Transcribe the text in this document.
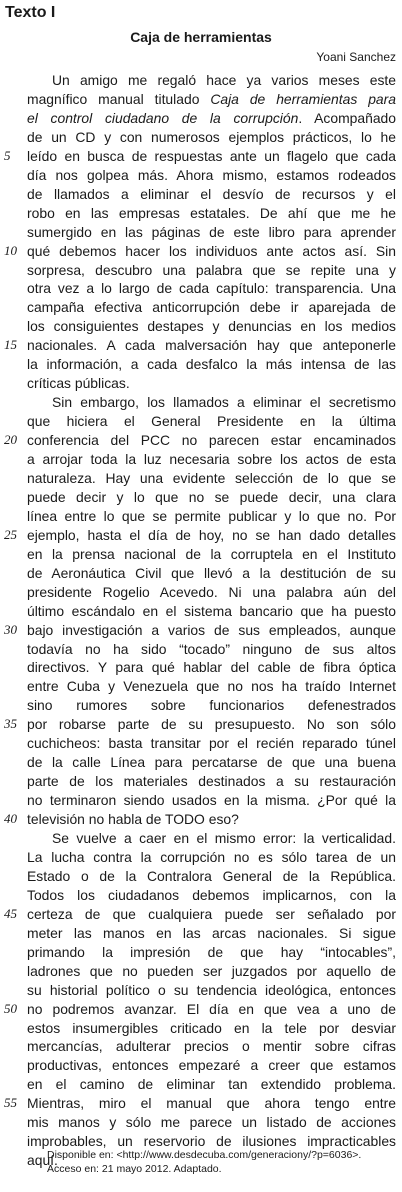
Texto I
Caja de herramientas
Yoani Sanchez
Un amigo me regaló hace ya varios meses este
magnífico manual titulado Caja de herramientas para
el control ciudadano de la corrupción. Acompañado
de un CD y con numerosos ejemplos prácticos, lo he
leído en busca de respuestas ante un flagelo que cada
5
día nos golpea más. Ahora mismo, estamos rodeados
de llamados a eliminar el desvío de recursos y el
robo en las empresas estatales. De ahí que me he
sumergido en las páginas de este libro para aprender
qué debemos hacer los individuos ante actos así. Sin
10
sorpresa, descubro una palabra que se repite una y
otra vez a lo largo de cada capítulo: transparencia. Una
campaña efectiva anticorrupción debe ir aparejada de
los consiguientes destapes y denuncias en los medios
nacionales. A cada malversación hay que anteponerle
15
la información, a cada desfalco la más intensa de las
críticas públicas.
Sin embargo, los llamados a eliminar el secretismo
que hiciera el General Presidente en la última
conferencia del PCC no parecen estar encaminados
20
a arrojar toda la luz necesaria sobre los actos de esta
naturaleza. Hay una evidente selección de lo que se
puede decir y lo que no se puede decir, una clara
línea entre lo que se permite publicar y lo que no. Por
ejemplo, hasta el día de hoy, no se han dado detalles
25
en la prensa nacional de la corruptela en el Instituto
de Aeronáutica Civil que llevó a la destitución de su
presidente Rogelio Acevedo. Ni una palabra aún del
último escándalo en el sistema bancario que ha puesto
bajo investigación a varios de sus empleados, aunque
30
todavía no ha sido “tocado” ninguno de sus altos
directivos. Y para qué hablar del cable de fibra óptica
entre Cuba y Venezuela que no nos ha traído Internet
sino rumores sobre funcionarios defenestrados
por robarse parte de su presupuesto. No son sólo
35
cuchicheos: basta transitar por el recién reparado túnel
de la calle Línea para percatarse de que una buena
parte de los materiales destinados a su restauración
no terminaron siendo usados en la misma. ¿Por qué la
televisión no habla de TODO eso?
40
Se vuelve a caer en el mismo error: la verticalidad.
La lucha contra la corrupción no es sólo tarea de un
Estado o de la Contralora General de la República.
Todos los ciudadanos debemos implicarnos, con la
certeza de que cualquiera puede ser señalado por
45
meter las manos en las arcas nacionales. Si sigue
primando la impresión de que hay “intocables”,
ladrones que no pueden ser juzgados por aquello de
su historial político o su tendencia ideológica, entonces
no podremos avanzar. El día en que vea a uno de
50
estos insumergibles criticado en la tele por desviar
mercancías, adulterar precios o mentir sobre cifras
productivas, entonces empezaré a creer que estamos
en el camino de eliminar tan extendido problema.
Mientras, miro el manual que ahora tengo entre
55
mis manos y sólo me parece un listado de acciones
improbables, un reservorio de ilusiones impracticables
aquí.
Disponible en: <http://www.desdecuba.com/generaciony/?p=6036>.
Acceso en: 21 mayo 2012. Adaptado.
